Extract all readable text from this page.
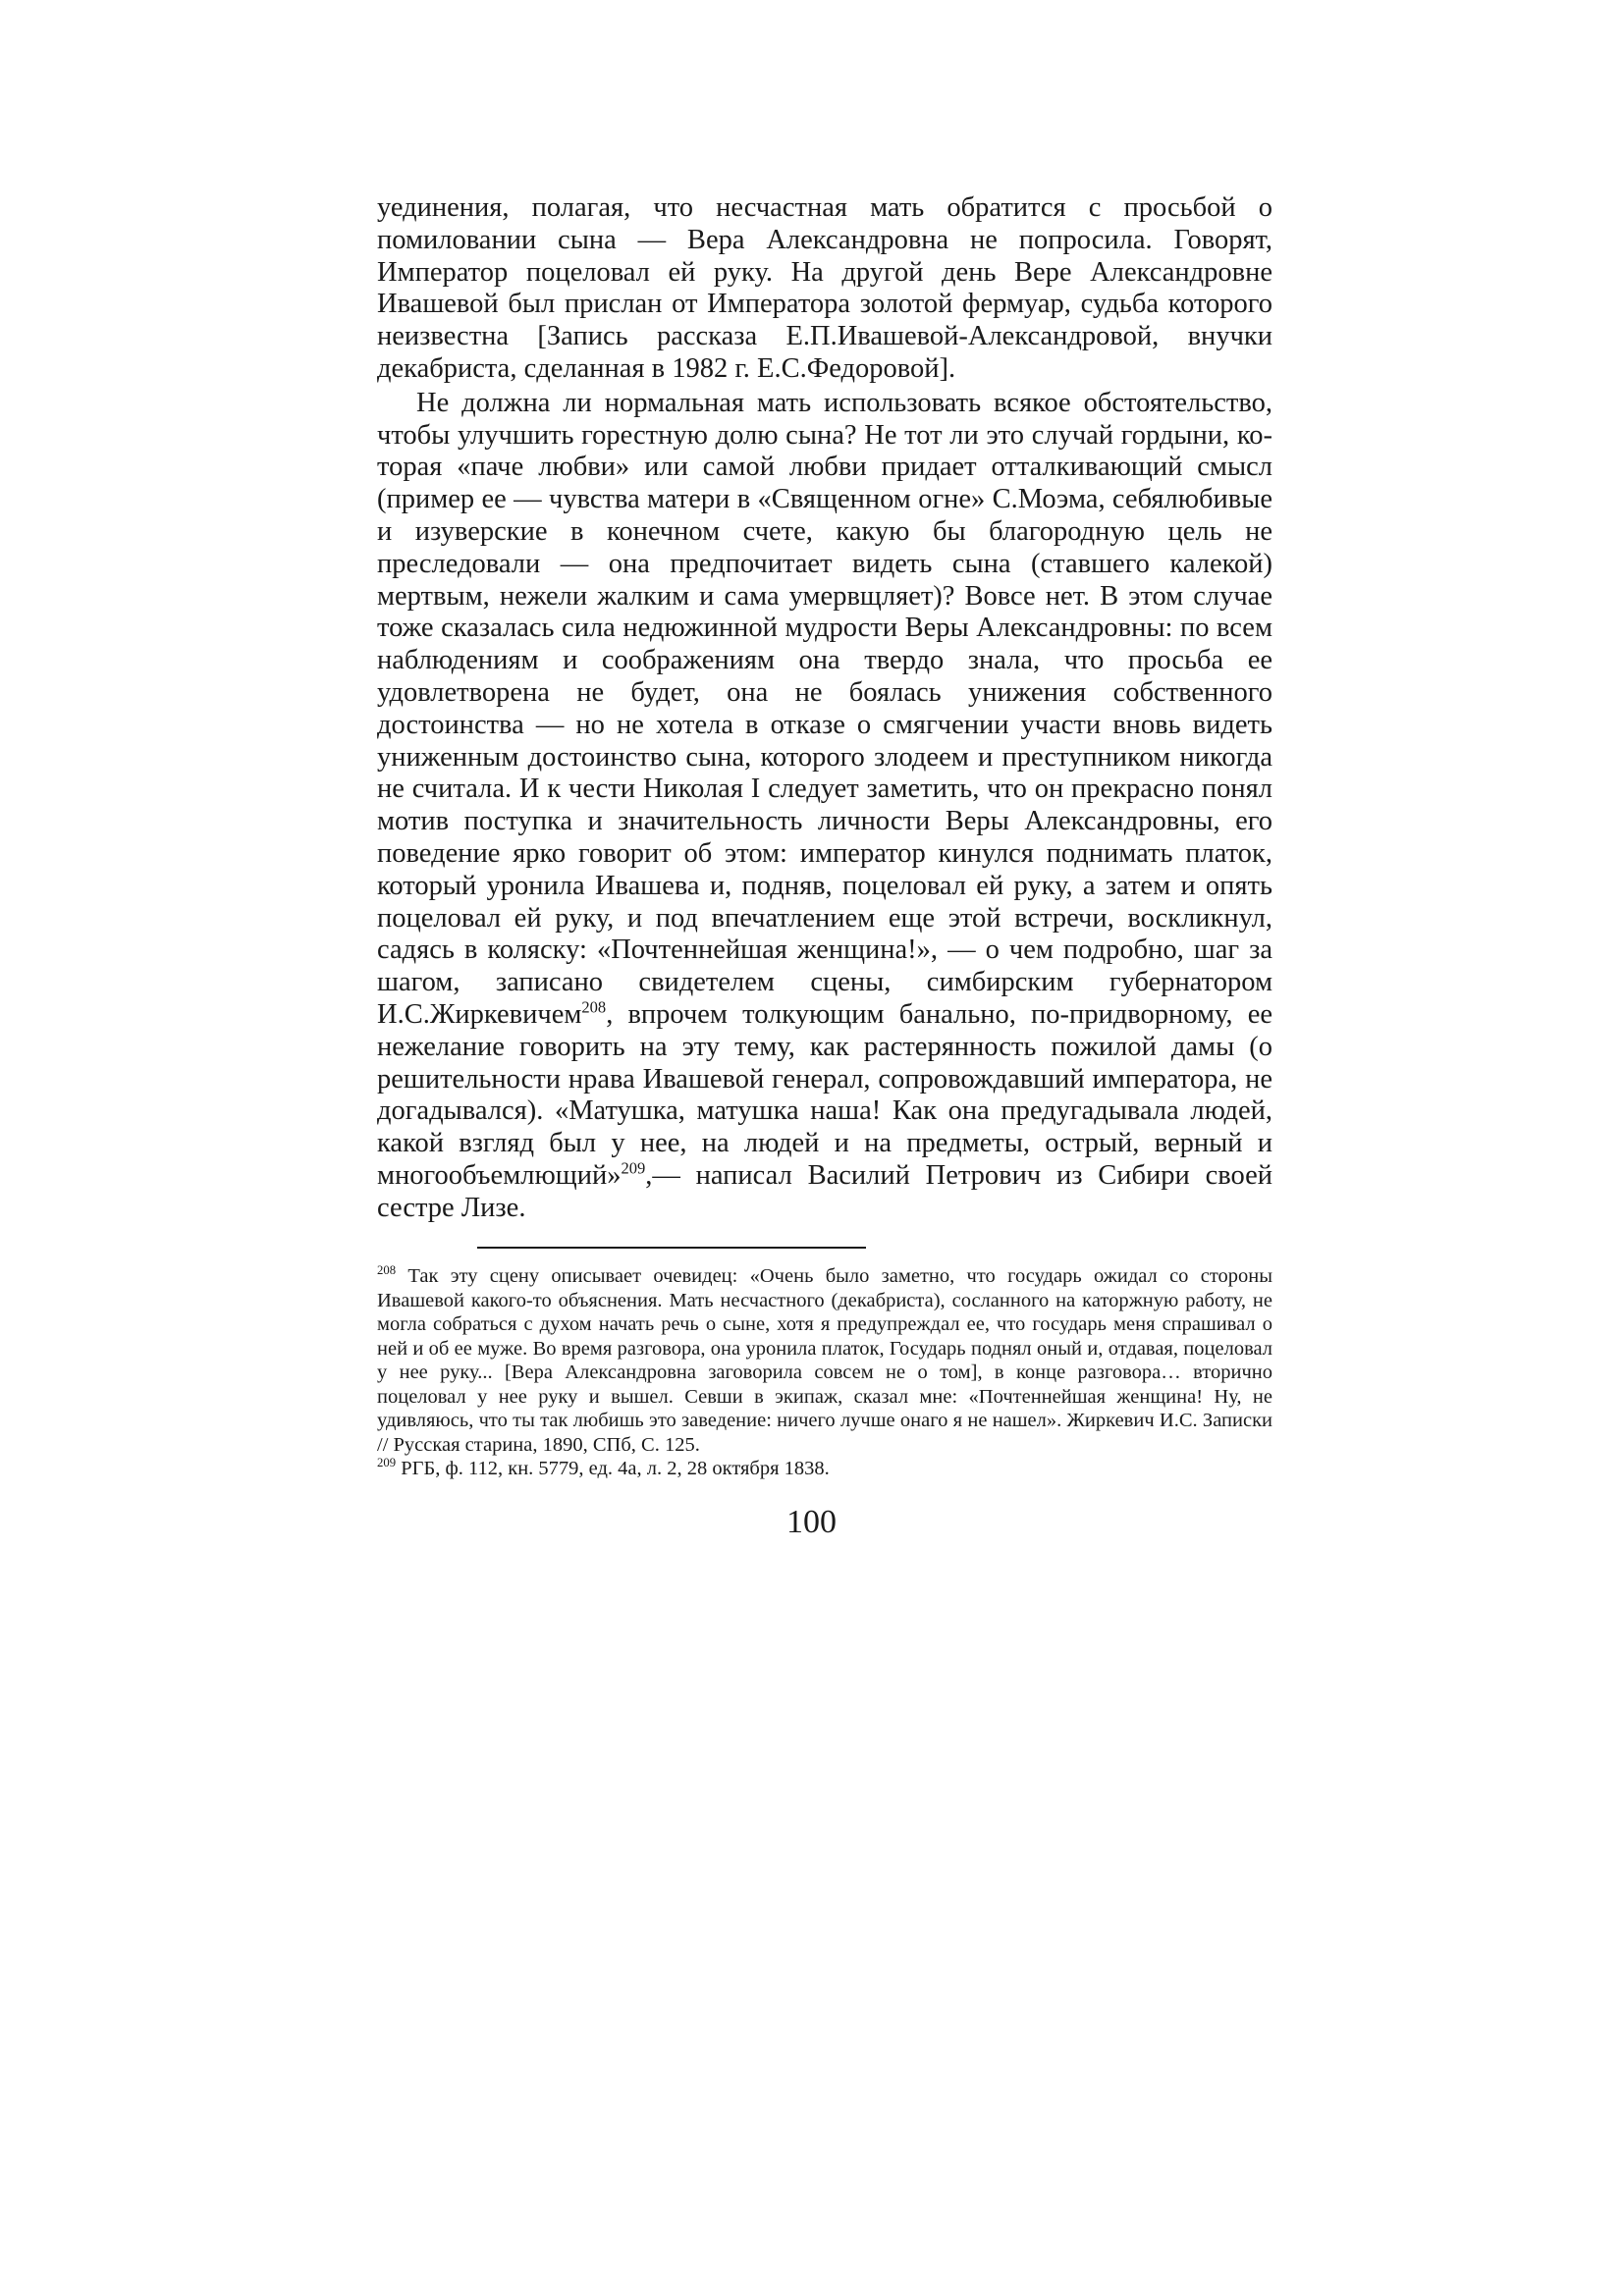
уединения, полагая, что несчастная мать обратится с просьбой о помиловании сына — Вера Александровна не попросила. Говорят, Император поцеловал ей руку. На другой день Вере Александровне Ивашевой был прислан от Императора золотой фермуар, судьба которого неизвестна [Запись рассказа Е.П.Ивашевой-Александровой, внучки декабриста, сделанная в 1982 г. Е.С.Федоровой].

Не должна ли нормальная мать использовать всякое обстоятельство, чтобы улучшить горестную долю сына? Не тот ли это случай гордыни, которая «паче любви» или самой любви придает отталкивающий смысл (пример ее — чувства матери в «Священном огне» С.Моэма, себялюбивые и изуверские в конечном счете, какую бы благородную цель не преследовали — она предпочитает видеть сына (ставшего калекой) мертвым, нежели жалким и сама умервщляет)? Вовсе нет. В этом случае тоже сказалась сила недюжинной мудрости Веры Александровны: по всем наблюдениям и соображениям она твердо знала, что просьба ее удовлетворена не будет, она не боялась унижения собственного достоинства — но не хотела в отказе о смягчении участи вновь видеть униженным достоинство сына, которого злодеем и преступником никогда не считала. И к чести Николая I следует заметить, что он прекрасно понял мотив поступка и значительность личности Веры Александровны, его поведение ярко говорит об этом: император кинулся поднимать платок, который уронила Ивашева и, подняв, поцеловал ей руку, а затем и опять поцеловал ей руку, и под впечатлением еще этой встречи, воскликнул, садясь в коляску: «Почтеннейшая женщина!», — о чем подробно, шаг за шагом, записано свидетелем сцены, симбирским губернатором И.С.Жиркевичем$^{208}$, впрочем толкующим банально, по-придворному, ее нежелание говорить на эту тему, как растерянность пожилой дамы (о решительности нрава Ивашевой генерал, сопровождавший императора, не догадывался). «Матушка, матушка наша! Как она предугадывала людей, какой взгляд был у нее, на людей и на предметы, острый, верный и многообъемлющий»$^{209}$,— написал Василий Петрович из Сибири своей сестре Лизе.

$^{208}$ Так эту сцену описывает очевидец: «Очень было заметно, что государь ожидал со стороны Ивашевой какого-то объяснения. Мать несчастного (декабриста), сосланного на каторжную работу, не могла собраться с духом начать речь о сыне, хотя я предупреждал ее, что государь меня спрашивал о ней и об ее муже. Во время разговора, она уронила платок, Государь поднял оный и, отдавая, поцеловал у нее руку... [Вера Александровна заговорила совсем не о том], в конце разговора… вторично поцеловал у нее руку и вышел. Севши в экипаж, сказал мне: «Почтеннейшая женщина! Ну, не удивляюсь, что ты так любишь это заведение: ничего лучше онаго я не нашел». Жиркевич И.С. Записки // Русская старина, 1890, СПб, С. 125.

$^{209}$ РГБ, ф. 112, кн. 5779, ед. 4а, л. 2, 28 октября 1838.

100
